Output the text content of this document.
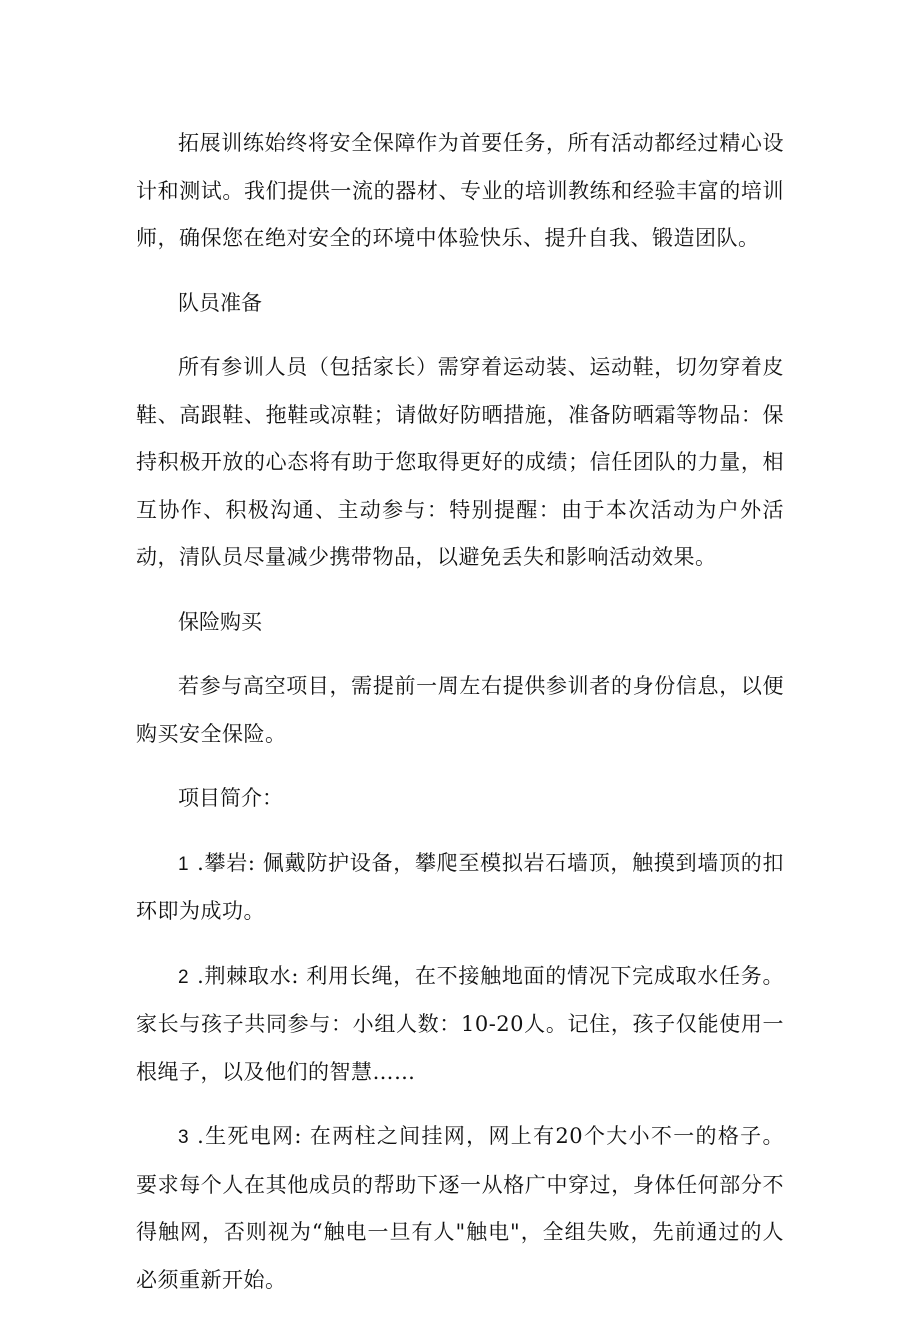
拓展训练始终将安全保障作为首要任务，所有活动都经过精心设计和测试。我们提供一流的器材、专业的培训教练和经验丰富的培训师，确保您在绝对安全的环境中体验快乐、提升自我、锻造团队。

队员准备

所有参训人员（包括家长）需穿着运动装、运动鞋，切勿穿着皮鞋、高跟鞋、拖鞋或凉鞋；请做好防晒措施，准备防晒霜等物品：保持积极开放的心态将有助于您取得更好的成绩；信任团队的力量，相互协作、积极沟通、主动参与：特别提醒：由于本次活动为户外活动，清队员尽量减少携带物品，以避免丢失和影响活动效果。

保险购买

若参与高空项目，需提前一周左右提供参训者的身份信息，以便购买安全保险。

项目简介：

1 .攀岩: 佩戴防护设备，攀爬至模拟岩石墙顶，触摸到墙顶的扣环即为成功。

2 .荆棘取水: 利用长绳，在不接触地面的情况下完成取水任务。家长与孩子共同参与：小组人数：10-20人。记住，孩子仅能使用一根绳子，以及他们的智慧……

3 .生死电网: 在两柱之间挂网，网上有20个大小不一的格子。要求每个人在其他成员的帮助下逐一从格广中穿过，身体任何部分不得触网，否则视为“触电一旦有人"触电"，全组失败，先前通过的人必须重新开始。
